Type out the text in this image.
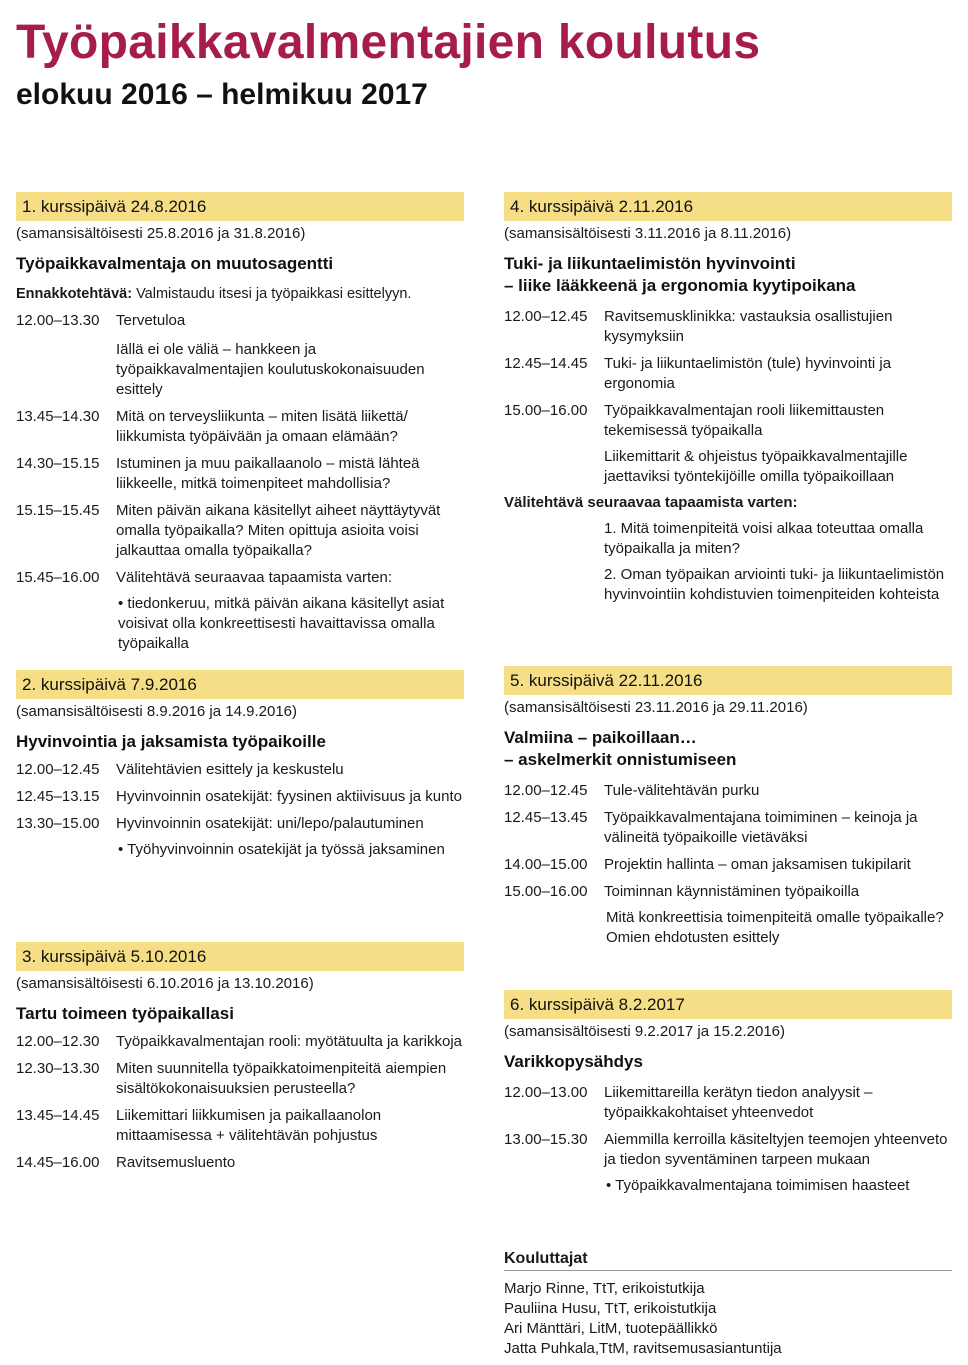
Työpaikkavalmentajien koulutus
elokuu 2016 – helmikuu 2017
1. kurssipäivä 24.8.2016
(samansisältöisesti 25.8.2016 ja 31.8.2016)
Työpaikkavalmentaja on muutosagentti
Ennakkotehtävä: Valmistaudu itsesi ja työpaikkasi esittelyyn.
12.00–13.30	Tervetuloa
Iällä ei ole väliä – hankkeen ja työpaikkavalmentajien koulutuskokonaisuuden esittely
13.45–14.30	Mitä on terveysliikunta – miten lisätä liikettä/ liikkumista työpäivään ja omaan elämään?
14.30–15.15	Istuminen ja muu paikallaanolo – mistä lähteä liikkeelle, mitkä toimenpiteet mahdollisia?
15.15–15.45	Miten päivän aikana käsitellyt aiheet näyttäytyvät omalla työpaikalla? Miten opittuja asioita voisi jalkauttaa omalla työpaikalla?
15.45–16.00	Välitehtävä seuraavaa tapaamista varten:
• tiedonkeruu, mitkä päivän aikana käsitellyt asiat voisivat olla konkreettisesti havaittavissa omalla työpaikalla
2. kurssipäivä 7.9.2016
(samansisältöisesti 8.9.2016 ja 14.9.2016)
Hyvinvointia ja jaksamista työpaikoille
12.00–12.45	Välitehtävien esittely ja keskustelu
12.45–13.15	Hyvinvoinnin osatekijät: fyysinen aktiivisuus ja kunto
13.30–15.00	Hyvinvoinnin osatekijät: uni/lepo/palautuminen
• Työhyvinvoinnin osatekijät ja työssä jaksaminen
3. kurssipäivä 5.10.2016
(samansisältöisesti 6.10.2016 ja 13.10.2016)
Tartu toimeen työpaikallasi
12.00–12.30	Työpaikkavalmentajan rooli: myötätuulta ja karikkoja
12.30–13.30	Miten suunnitella työpaikkatoimenpiteitä aiempien sisältökokonaisuuksien perusteella?
13.45–14.45	Liikemittari liikkumisen ja paikallaanolon mittaamisessa + välitehtävän pohjustus
14.45–16.00	Ravitsemusluento
4. kurssipäivä 2.11.2016
(samansisältöisesti 3.11.2016 ja 8.11.2016)
Tuki- ja liikuntaelimistön hyvinvointi
– liike lääkkeenä ja ergonomia kyytipoikana
12.00–12.45	Ravitsemusklinikka: vastauksia osallistujien kysymyksiin
12.45–14.45	Tuki- ja liikuntaelimistön (tule) hyvinvointi ja ergonomia
15.00–16.00	Työpaikkavalmentajan rooli liikemittausten tekemisessä työpaikalla
Liikemittarit & ohjeistus työpaikkavalmentajille jaettaviksi työntekijöille omilla työpaikoillaan
Välitehtävä seuraavaa tapaamista varten:
1. Mitä toimenpiteitä voisi alkaa toteuttaa omalla työpaikalla ja miten?
2. Oman työpaikan arviointi tuki- ja liikuntaelimistön hyvinvointiin kohdistuvien toimenpiteiden kohteista
5. kurssipäivä 22.11.2016
(samansisältöisesti 23.11.2016 ja 29.11.2016)
Valmiina – paikoillaan…
– askelmerkit onnistumiseen
12.00–12.45	Tule-välitehtävän purku
12.45–13.45	Työpaikkavalmentajana toimiminen – keinoja ja välineitä työpaikoille vietäväksi
14.00–15.00	Projektin hallinta – oman jaksamisen tukipilarit
15.00–16.00	Toiminnan käynnistäminen työpaikoilla
Mitä konkreettisia toimenpiteitä omalle työpaikalle? Omien ehdotusten esittely
6. kurssipäivä 8.2.2017
(samansisältöisesti 9.2.2017 ja 15.2.2016)
Varikkopysähdys
12.00–13.00	Liikemittareilla kerätyn tiedon analyysit – työpaikkakohtaiset yhteenvedot
13.00–15.30	Aiemmilla kerroilla käsiteltyjen teemojen yhteenveto ja tiedon syventäminen tarpeen mukaan
• Työpaikkavalmentajana toimimisen haasteet
Kouluttajat
Marjo Rinne, TtT, erikoistutkija
Pauliina Husu, TtT, erikoistutkija
Ari Mänttäri, LitM, tuotepäällikkö
Jatta Puhkala,TtM, ravitsemusasiantuntija
